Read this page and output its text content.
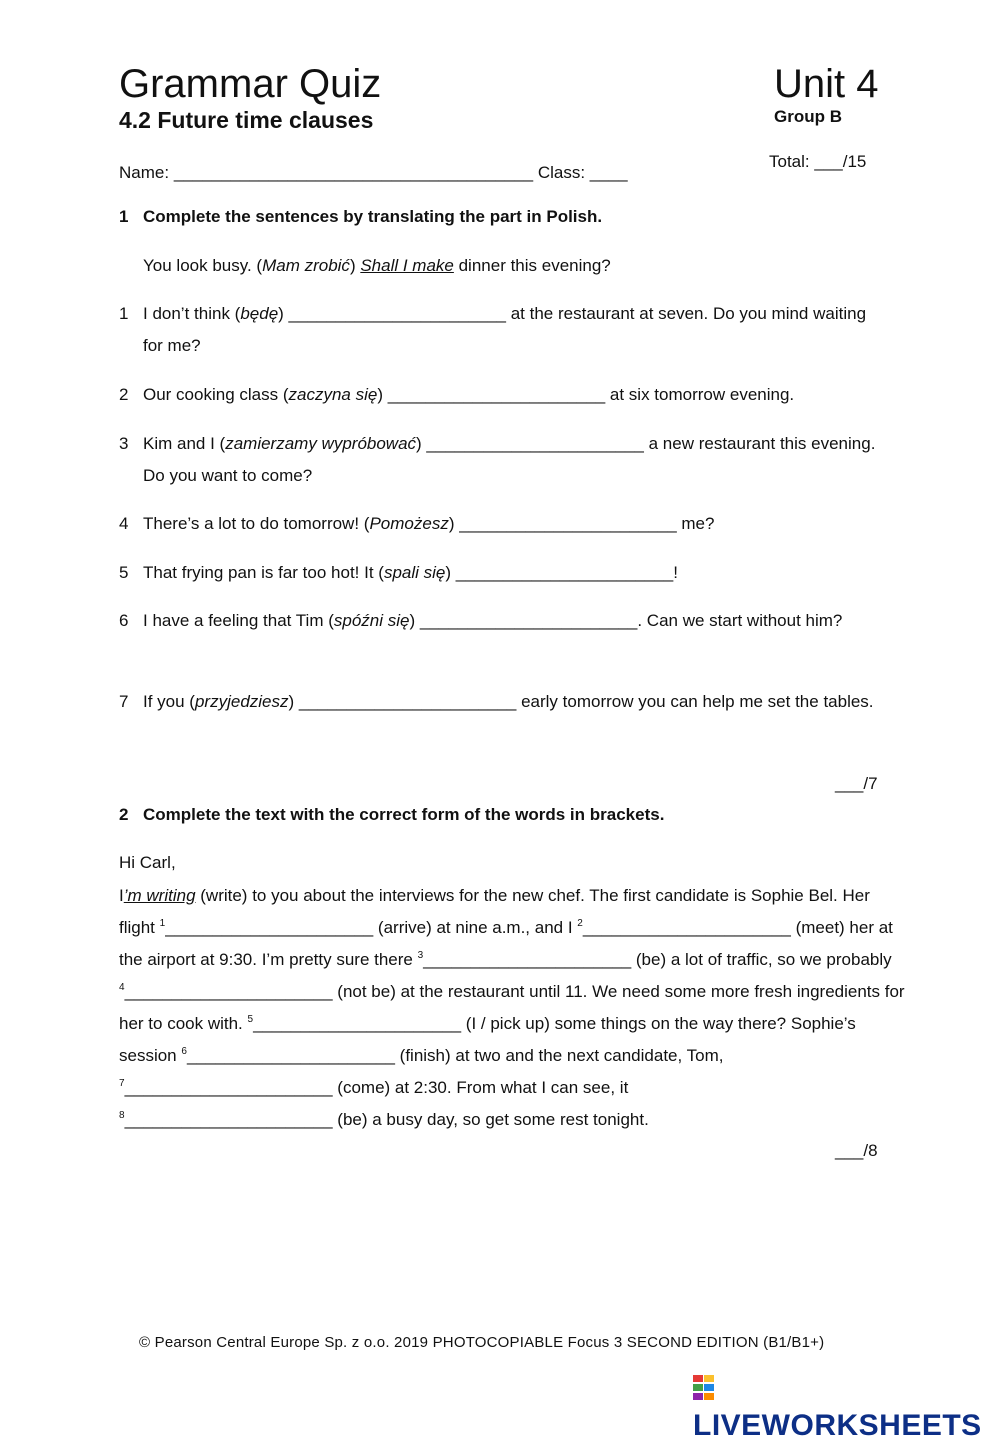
Grammar Quiz
4.2 Future time clauses
Unit 4
Group B
Total: ___/15
Name: ______________________________________ Class: ____
1 Complete the sentences by translating the part in Polish.
You look busy. (Mam zrobić) Shall I make dinner this evening?
1 I don’t think (będę) _______________________ at the restaurant at seven. Do you mind waiting for me?
2 Our cooking class (zaczyna się) _______________________ at six tomorrow evening.
3 Kim and I (zamierzamy wypróbować) _______________________ a new restaurant this evening. Do you want to come?
4 There’s a lot to do tomorrow! (Pomożesz) _______________________ me?
5 That frying pan is far too hot! It (spali się) _______________________!
6 I have a feeling that Tim (spóźni się) _______________________. Can we start without him?
7 If you (przyjedziesz) _______________________ early tomorrow you can help me set the tables.
___/7
2 Complete the text with the correct form of the words in brackets.
Hi Carl,
I’m writing (write) to you about the interviews for the new chef. The first candidate is Sophie Bel. Her flight $^1$______________________ (arrive) at nine a.m., and I $^2$______________________ (meet) her at the airport at 9:30. I’m pretty sure there $^3$______________________ (be) a lot of traffic, so we probably $^4$______________________ (not be) at the restaurant until 11. We need some more fresh ingredients for her to cook with. $^5$______________________ (I / pick up) some things on the way there? Sophie’s session $^6$______________________ (finish) at two and the next candidate, Tom, $^7$______________________ (come) at 2:30. From what I can see, it
$^8$______________________ (be) a busy day, so get some rest tonight.
___/8
© Pearson Central Europe Sp. z o.o. 2019 PHOTOCOPIABLE Focus 3 SECOND EDITION (B1/B1+)
LIVEWORKSHEETS
